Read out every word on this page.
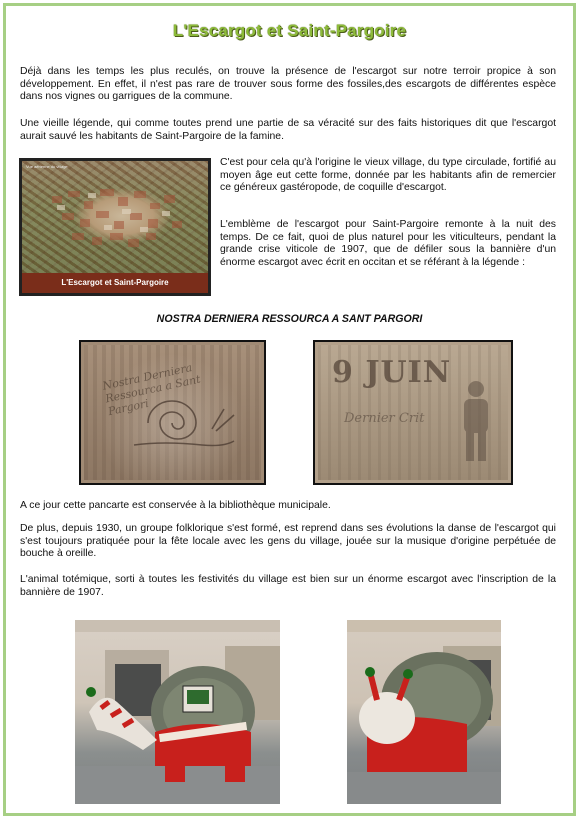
L'Escargot et Saint-Pargoire

Déjà dans les temps les plus reculés, on trouve la présence de l'escargot sur notre terroir propice à son développement. En effet, il n'est pas rare de trouver sous forme des fossiles,des escargots de différentes espèce dans nos vignes ou garrigues de la commune.

Une vieille légende, qui comme toutes prend une partie de sa véracité sur des faits historiques dit que l'escargot aurait sauvé les habitants de Saint-Pargoire de la famine.

Vue aérienne du village
L'Escargot et Saint-Pargoire

C'est pour cela qu'à l'origine le vieux village, du type circulade, fortifié au moyen âge eut cette forme, donnée par les habitants afin de remercier ce généreux gastéropode, de coquille d'escargot.

L'emblème de l'escargot pour Saint-Pargoire remonte à la nuit des temps. De ce fait, quoi de plus naturel pour les viticulteurs, pendant la grande crise viticole de 1907, que de défiler sous la bannière d'un énorme escargot avec écrit en occitan et se référant à la légende :

NOSTRA DERNIERA RESSOURCA A SANT PARGORI
Nostra Derniera Ressourca a Sant Pargori
9 JUIN
Dernier Crit

A ce jour cette pancarte est conservée à la bibliothèque municipale.

De plus, depuis 1930, un groupe folklorique s'est formé, est reprend dans ses évolutions la danse de l'escargot qui s'est toujours pratiquée pour la fête locale avec les gens du village, jouée sur la musique d'origine perpétuée de bouche à oreille.

L'animal totémique, sorti à toutes les festivités du village est bien sur un énorme escargot avec l'inscription de la bannière de 1907.
